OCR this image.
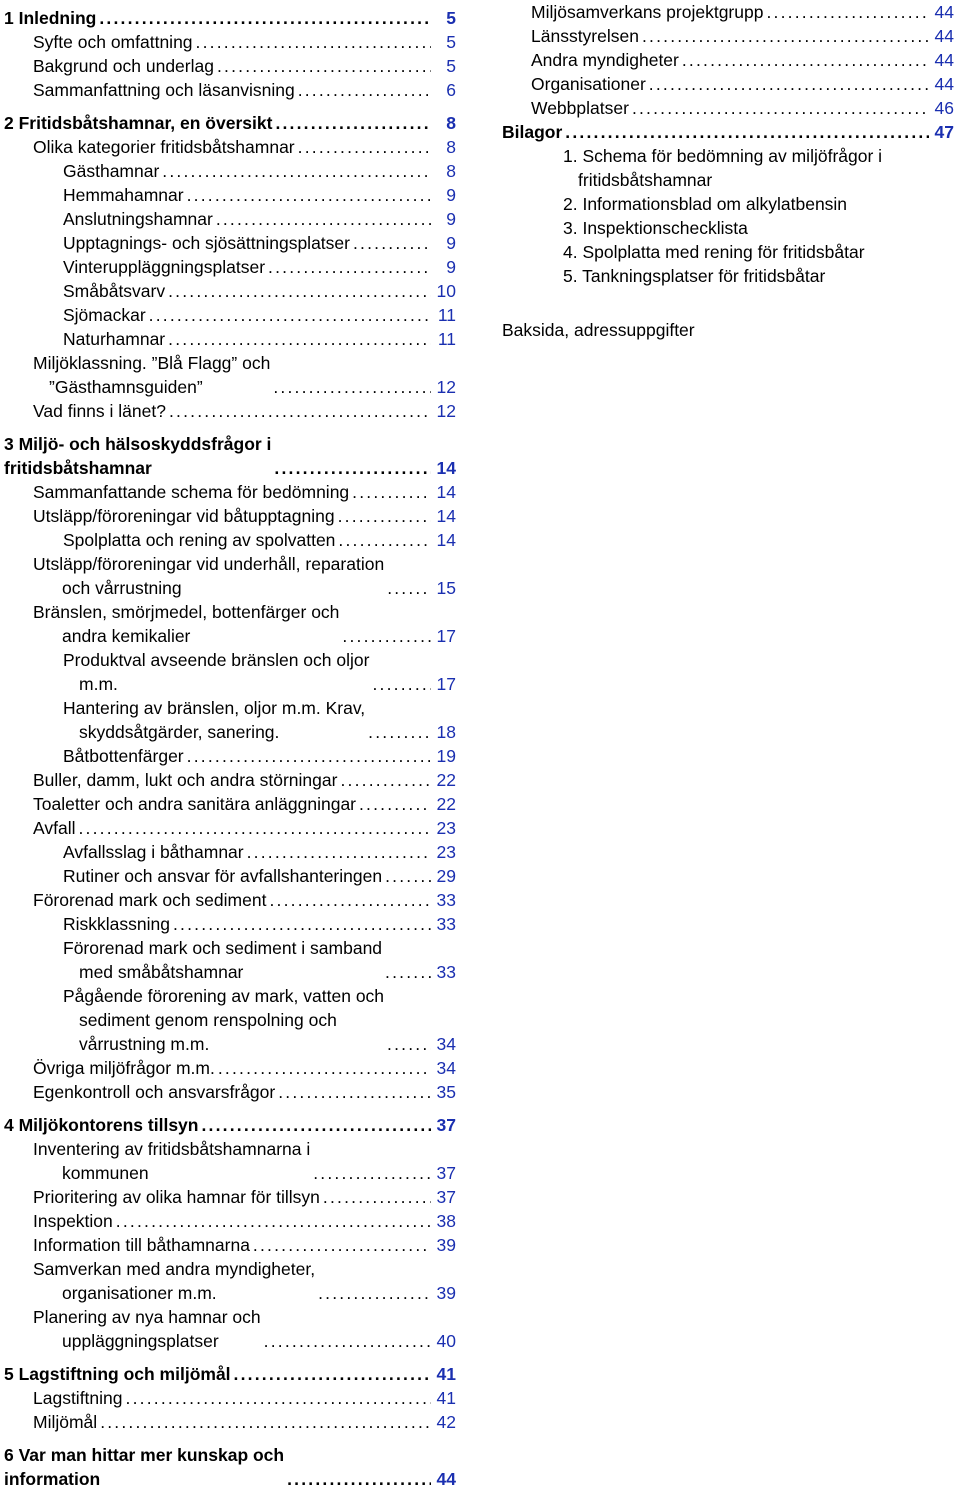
1 Inledning .....	5
Syfte och omfattning .....	5
Bakgrund och underlag .....	5
Sammanfattning och läsanvisning .....	6
2 Fritidsbåtshamnar, en översikt .....	8
Olika kategorier fritidsbåtshamnar .....	8
Gästhamnar .....	8
Hemmahamnar .....	9
Anslutningshamnar .....	9
Upptagnings- och sjösättningsplatser .....	9
Vinteruppläggningsplatser .....	9
Småbåtsvarv .....	10
Sjömackar .....	11
Naturhamnar .....	11
Miljöklassning. ”Blå Flagg” och
”Gästhamnsguiden” .....	12
Vad finns i länet? .....	12
3 Miljö- och hälsoskyddsfrågor i
fritidsbåtshamnar .....	14
Sammanfattande schema för bedömning .....	14
Utsläpp/föroreningar vid båtupptagning .....	14
Spolplatta och rening av spolvatten .....	14
Utsläpp/föroreningar vid underhåll, reparation
och vårrustning .....	15
Bränslen, smörjmedel, bottenfärger och
andra kemikalier .....	17
Produktval avseende bränslen och oljor
m.m. .....	17
Hantering av bränslen, oljor m.m. Krav,
skyddsåtgärder, sanering. .....	18
Båtbottenfärger .....	19
Buller, damm, lukt och andra störningar .....	22
Toaletter och andra sanitära anläggningar .....	22
Avfall .....	23
Avfallsslag i båthamnar .....	23
Rutiner och ansvar för avfallshanteringen .....	29
Förorenad mark och sediment .....	33
Riskklassning .....	33
Förorenad mark och sediment i samband
med småbåtshamnar .....	33
Pågående förorening av mark, vatten och
sediment genom renspolning och
vårrustning m.m. .....	34
Övriga miljöfrågor m.m. .....	34
Egenkontroll och ansvarsfrågor .....	35
4 Miljökontorens tillsyn .....	37
Inventering av fritidsbåtshamnarna i
kommunen .....	37
Prioritering av olika hamnar för tillsyn .....	37
Inspektion .....	38
Information till båthamnarna .....	39
Samverkan med andra myndigheter,
organisationer m.m. .....	39
Planering av nya hamnar och
uppläggningsplatser .....	40
5 Lagstiftning och miljömål .....	41
Lagstiftning .....	41
Miljömål .....	42
6 Var man hittar mer kunskap och
information .....	44
Miljösamverkans projektgrupp .....	44
Länsstyrelsen .....	44
Andra myndigheter .....	44
Organisationer .....	44
Webbplatser .....	46
Bilagor .....	47
1. Schema för bedömning av miljöfrågor i
fritidsbåtshamnar
2. Informationsblad om alkylatbensin
3. Inspektionschecklista
4. Spolplatta med rening för fritidsbåtar
5. Tankningsplatser för fritidsbåtar
Baksida, adressuppgifter
